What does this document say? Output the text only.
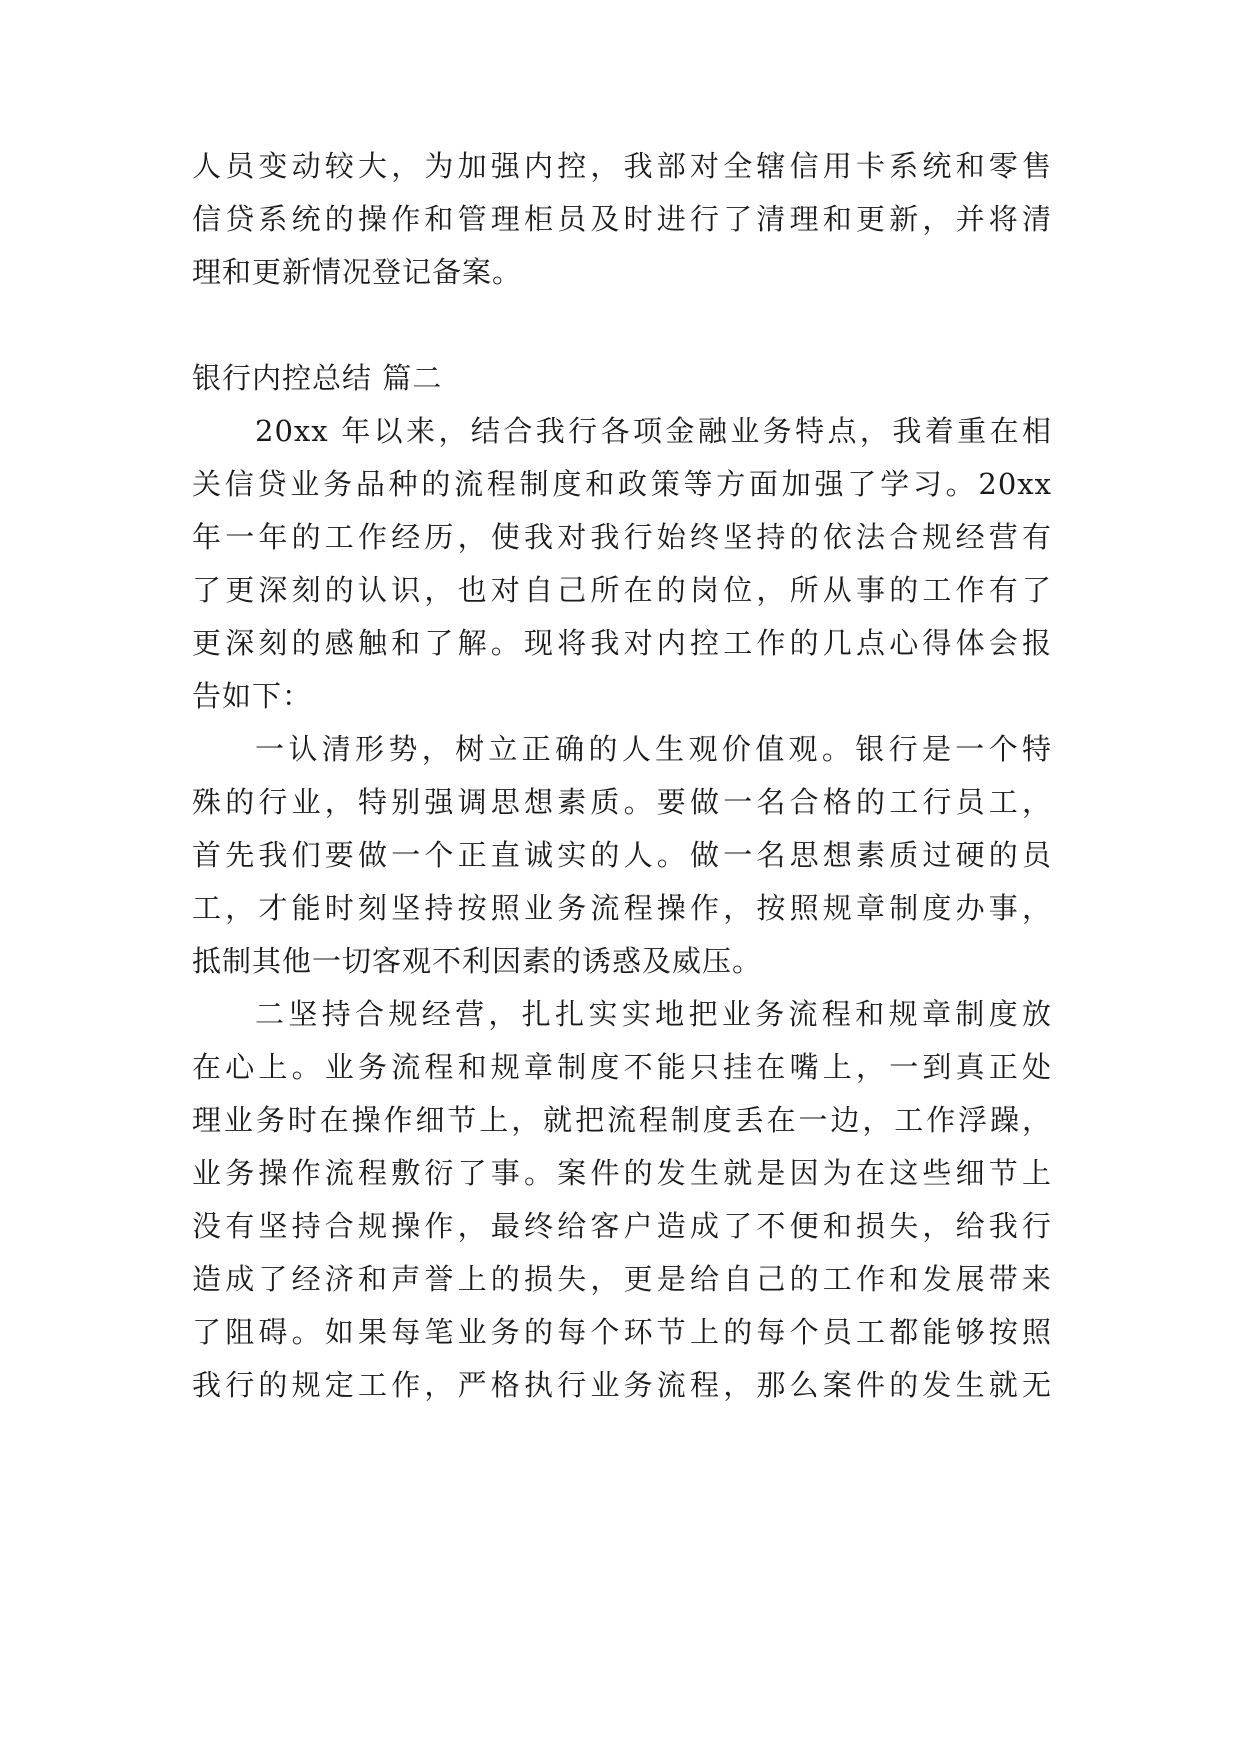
人员变动较大，为加强内控，我部对全辖信用卡系统和零售
信贷系统的操作和管理柜员及时进行了清理和更新，并将清
理和更新情况登记备案。
银行内控总结 篇二
20xx 年以来，结合我行各项金融业务特点，我着重在相
关信贷业务品种的流程制度和政策等方面加强了学习。20xx
年一年的工作经历，使我对我行始终坚持的依法合规经营有
了更深刻的认识，也对自己所在的岗位，所从事的工作有了
更深刻的感触和了解。现将我对内控工作的几点心得体会报
告如下：
一认清形势，树立正确的人生观价值观。银行是一个特
殊的行业，特别强调思想素质。要做一名合格的工行员工，
首先我们要做一个正直诚实的人。做一名思想素质过硬的员
工，才能时刻坚持按照业务流程操作，按照规章制度办事，
抵制其他一切客观不利因素的诱惑及威压。
二坚持合规经营，扎扎实实地把业务流程和规章制度放
在心上。业务流程和规章制度不能只挂在嘴上，一到真正处
理业务时在操作细节上，就把流程制度丢在一边，工作浮躁，
业务操作流程敷衍了事。案件的发生就是因为在这些细节上
没有坚持合规操作，最终给客户造成了不便和损失，给我行
造成了经济和声誉上的损失，更是给自己的工作和发展带来
了阻碍。如果每笔业务的每个环节上的每个员工都能够按照
我行的规定工作，严格执行业务流程，那么案件的发生就无
